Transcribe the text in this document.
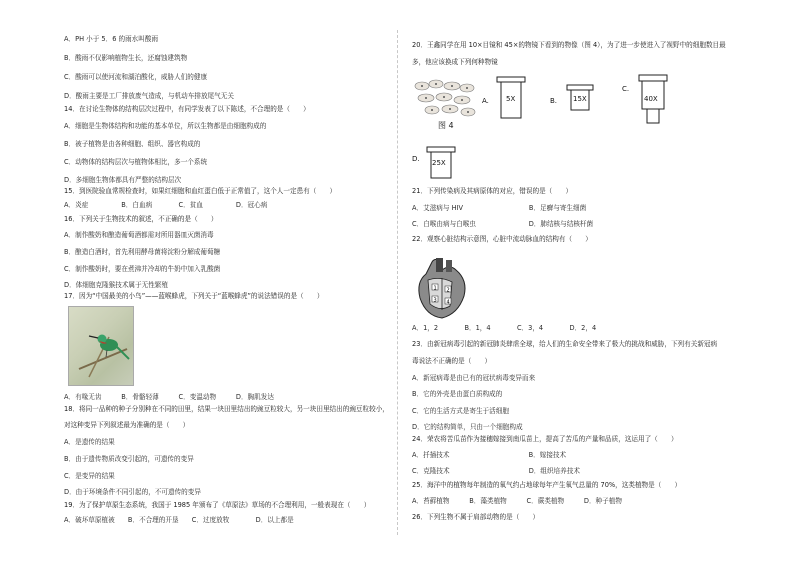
A．PH 小于 5．6 的雨水叫酸雨
B．酸雨不仅影响植物生长，还腐蚀建筑物
C．酸雨可以使河流和湖泊酸化，威胁人们的健康
D．酸雨主要是工厂排放废气造成，与机动车排放尾气无关
14．在讨论生物体的结构层次过程中，有同学发表了以下陈述，不合理的是（　　）
A．细胞是生物体结构和功能的基本单位，所以生物都是由细胞构成的
B．被子植物是由各种细胞、组织、器官构成的
C．动物体的结构层次与植物体相比，多一个系统
D．多细胞生物体都具有严整的结构层次
15．到医院验血常规检查时，如果红细胞和血红蛋白低于正常值了，这个人一定患有（　　）
A．炎症　　　　　B．白血病　　　　C．贫血　　　　　D．冠心病
16．下列关于生物技术的叙述，不正确的是（　　）
A．制作酸奶和酿造葡萄酒都需对所用器皿灭菌消毒
B．酿造白酒时，首先利用酵母菌将淀粉分解成葡萄糖
C．制作酸奶时，要在煮沸并冷却的牛奶中加入乳酸菌
D．体细胞克隆猴技术属于无性繁殖
17．因为“中国最美的小鸟”——蓝喉蜂虎，下列关于“蓝喉蜂虎”的说法错误的是（　　）
A．有喙无齿　　　B．骨骼轻薄　　　C．变温动物　　　D．胸肌发达
18．将同一品种的种子分别种在不同的田里，结果一块田里结出的豌豆粒较大，另一块田里结出的豌豆粒较小，
对这种变异下列叙述最为准确的是（　　）
A．是遗传的结果
B．由于遗传物质改变引起的，可遗传的变异
C．是变异的结果
D．由于环境条件不同引起的，不可遗传的变异
19．为了保护草原生态系统，我国于 1985 年颁布了《草原法》草场的不合理利用，一般表现在（　　）
A．破坏草原植被　　B．不合理的开垦　　C．过度放牧　　　　D．以上都是
20．王鑫同学在用 10×目镜和 45×的物镜下看到的物像（图 4），为了进一步使进入了视野中的细胞数目最
多，他应该换成下列何种物镜
图 4
A. 5X	B. 15X
C.
40X
D. 25X
21．下列传染病及其病原体的对应，错误的是（　　）
A．艾滋病与 HIV　　　　　　　　　　B．足癣与寄生细菌
C．白喉由病与白喉虫　　　　　　　　D．肺结核与结核杆菌
22．观察心脏结构示意图，心脏中流动脉血的结构有（　　）
1 2
3 4
A．1，2　　　　B．1，4　　　　C．3，4　　　　D．2，4
23．由新冠病毒引起的新冠肺炎肆虐全球，给人们的生命安全带来了极大的挑战和威胁，下列有关新冠病
毒说法不正确的是（　　）
A．新冠病毒是由已有的冠状病毒变异而来
B．它的外壳是由蛋白质构成的
C．它的生活方式是寄生于活细胞
D．它的结构简单，只由一个细胞构成
24．荣农将苦瓜苗作为接穗嫁接到南瓜苗上，提高了苦瓜的产量和品质，这运用了（　　）
A．扦插技术　　　　　　　　　　　　B．嫁接技术
C．克隆技术　　　　　　　　　　　　D．组织培养技术
25．海洋中的植物每年制造的氧气约占地球每年产生氧气总量的 70%，这类植物是（　　）
A．苔藓植物　　　B．藻类植物　　　C．蕨类植物　　　D．种子植物
26．下列生物不属于肩部动物的是（　　）
